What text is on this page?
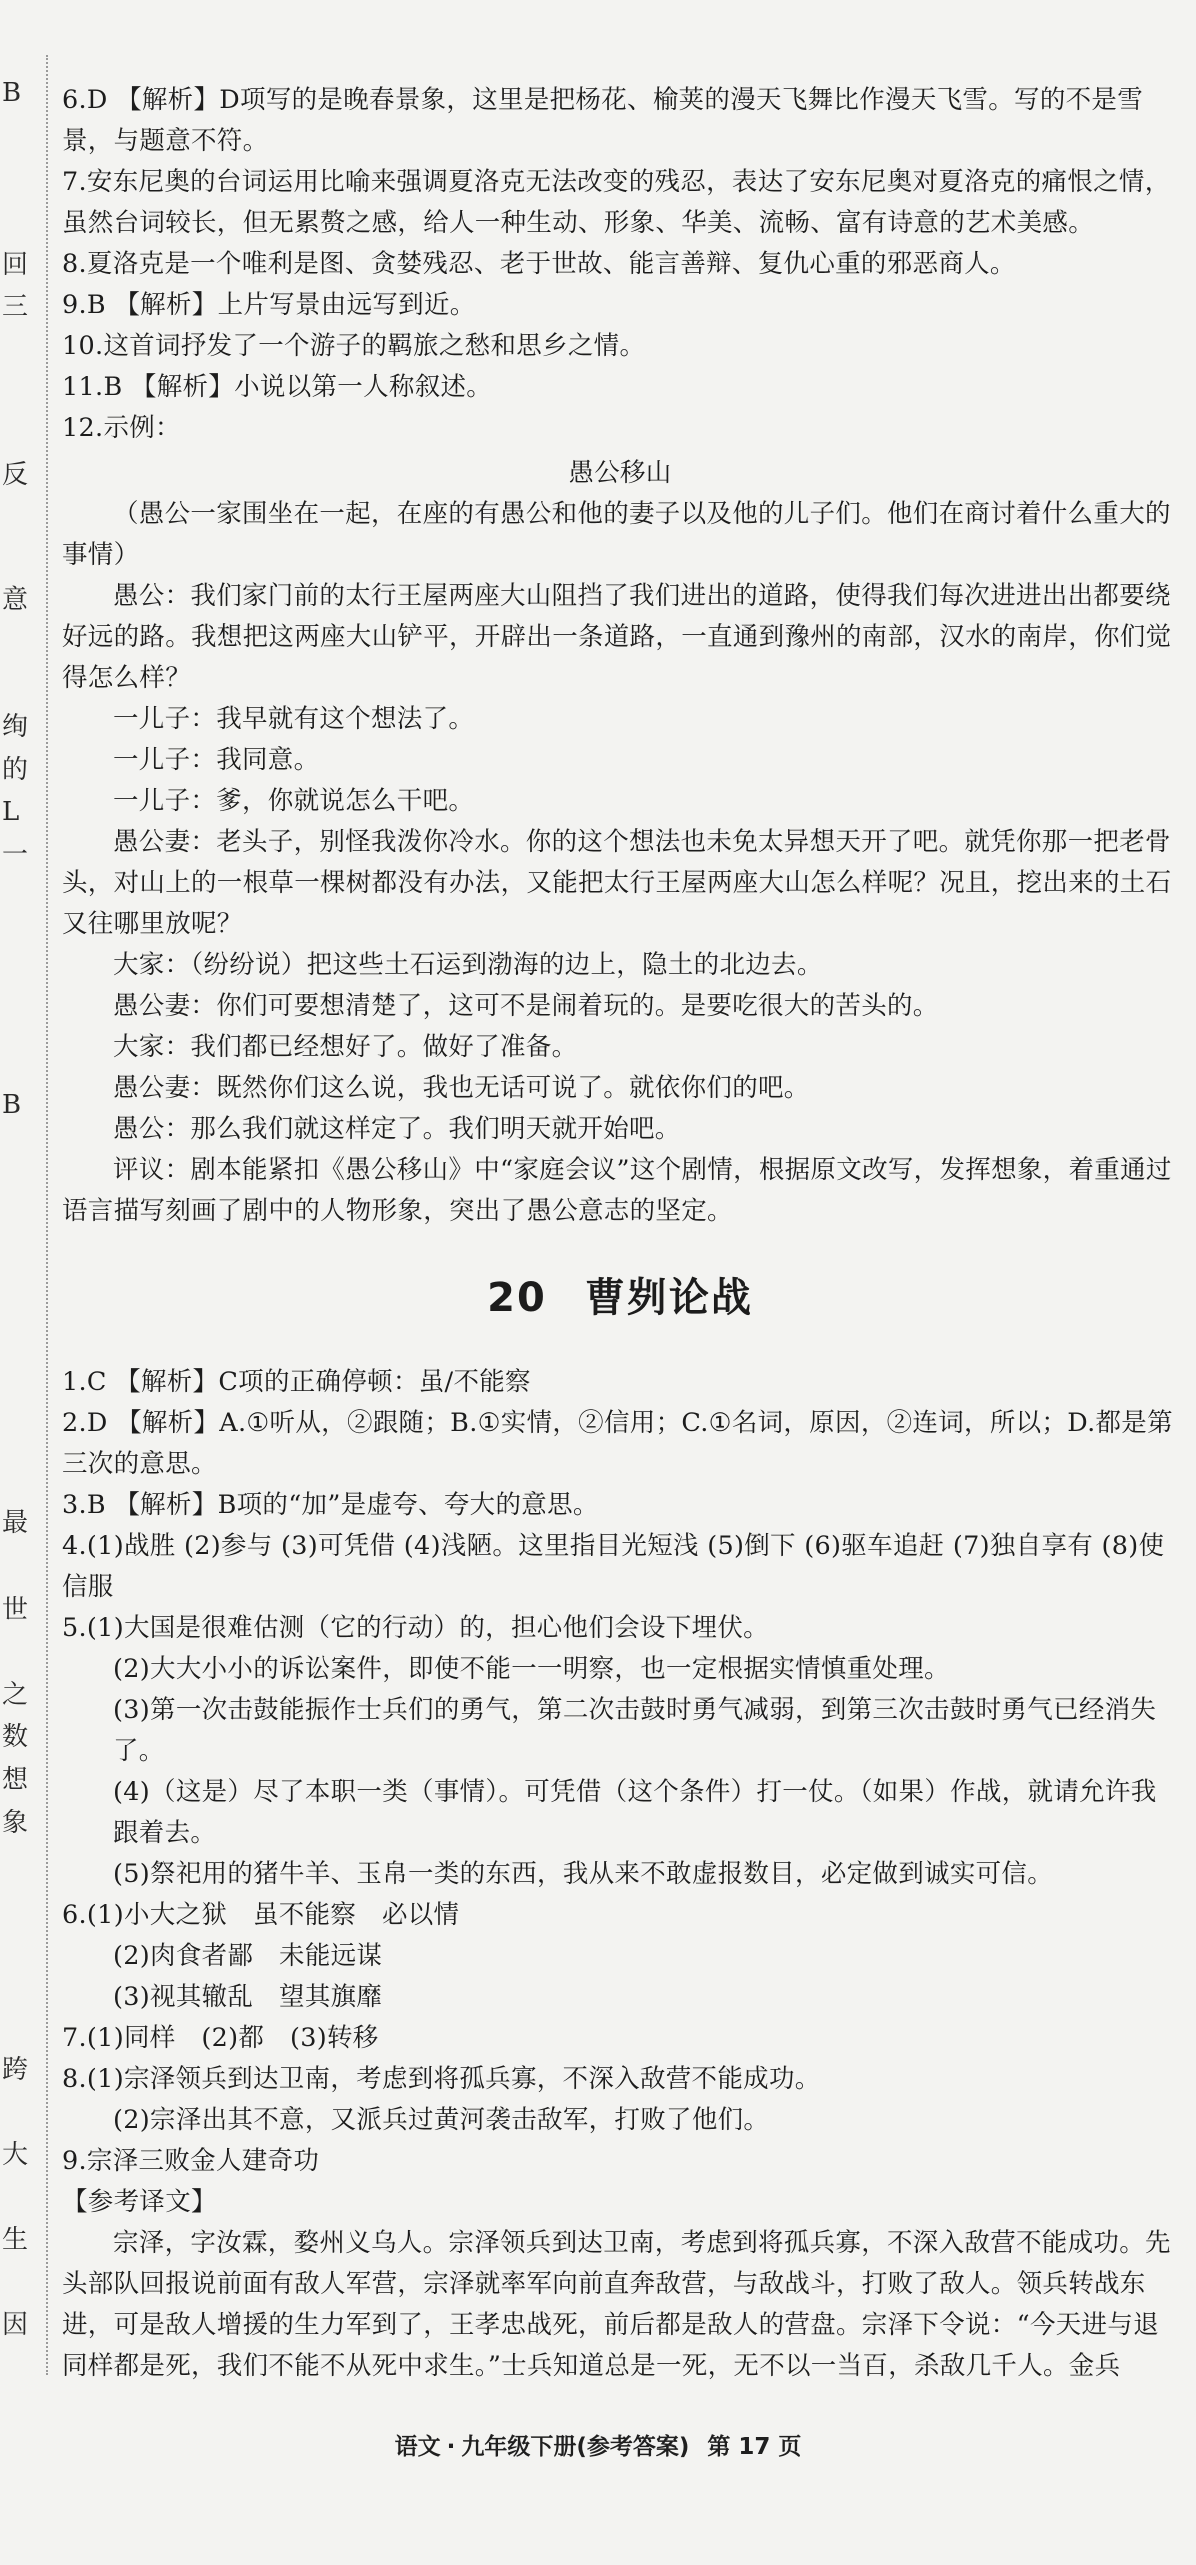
B
回
三
反
意
绚
的
L
一
B
最
世
之
数
想
象
跨
大
生
因

6.D 【解析】D项写的是晚春景象，这里是把杨花、榆荚的漫天飞舞比作漫天飞雪。写的不是雪景，与题意不符。

7.安东尼奥的台词运用比喻来强调夏洛克无法改变的残忍，表达了安东尼奥对夏洛克的痛恨之情，虽然台词较长，但无累赘之感，给人一种生动、形象、华美、流畅、富有诗意的艺术美感。

8.夏洛克是一个唯利是图、贪婪残忍、老于世故、能言善辩、复仇心重的邪恶商人。

9.B 【解析】上片写景由远写到近。

10.这首词抒发了一个游子的羁旅之愁和思乡之情。

11.B 【解析】小说以第一人称叙述。

12.示例：

愚公移山

（愚公一家围坐在一起，在座的有愚公和他的妻子以及他的儿子们。他们在商讨着什么重大的事情）

愚公：我们家门前的太行王屋两座大山阻挡了我们进出的道路，使得我们每次进进出出都要绕好远的路。我想把这两座大山铲平，开辟出一条道路，一直通到豫州的南部，汉水的南岸，你们觉得怎么样？

一儿子：我早就有这个想法了。

一儿子：我同意。

一儿子：爹，你就说怎么干吧。

愚公妻：老头子，别怪我泼你冷水。你的这个想法也未免太异想天开了吧。就凭你那一把老骨头，对山上的一根草一棵树都没有办法，又能把太行王屋两座大山怎么样呢？况且，挖出来的土石又往哪里放呢？

大家：（纷纷说）把这些土石运到渤海的边上，隐土的北边去。

愚公妻：你们可要想清楚了，这可不是闹着玩的。是要吃很大的苦头的。

大家：我们都已经想好了。做好了准备。

愚公妻：既然你们这么说，我也无话可说了。就依你们的吧。

愚公：那么我们就这样定了。我们明天就开始吧。

评议：剧本能紧扣《愚公移山》中“家庭会议”这个剧情，根据原文改写，发挥想象，着重通过语言描写刻画了剧中的人物形象，突出了愚公意志的坚定。

20 曹刿论战

1.C 【解析】C项的正确停顿：虽/不能察

2.D 【解析】A.①听从，②跟随；B.①实情，②信用；C.①名词，原因，②连词，所以；D.都是第三次的意思。

3.B 【解析】B项的“加”是虚夸、夸大的意思。

4.(1)战胜 (2)参与 (3)可凭借 (4)浅陋。这里指目光短浅 (5)倒下 (6)驱车追赶 (7)独自享有 (8)使信服

5.(1)大国是很难估测（它的行动）的，担心他们会设下埋伏。

(2)大大小小的诉讼案件，即使不能一一明察，也一定根据实情慎重处理。

(3)第一次击鼓能振作士兵们的勇气，第二次击鼓时勇气减弱，到第三次击鼓时勇气已经消失了。

(4)（这是）尽了本职一类（事情）。可凭借（这个条件）打一仗。（如果）作战，就请允许我跟着去。

(5)祭祀用的猪牛羊、玉帛一类的东西，我从来不敢虚报数目，必定做到诚实可信。

6.(1)小大之狱　虽不能察　必以情

(2)肉食者鄙　未能远谋

(3)视其辙乱　望其旗靡

7.(1)同样　(2)都　(3)转移

8.(1)宗泽领兵到达卫南，考虑到将孤兵寡，不深入敌营不能成功。

(2)宗泽出其不意，又派兵过黄河袭击敌军，打败了他们。

9.宗泽三败金人建奇功

【参考译文】

宗泽，字汝霖，婺州义乌人。宗泽领兵到达卫南，考虑到将孤兵寡，不深入敌营不能成功。先头部队回报说前面有敌人军营，宗泽就率军向前直奔敌营，与敌战斗，打败了敌人。领兵转战东进，可是敌人增援的生力军到了，王孝忠战死，前后都是敌人的营盘。宗泽下令说：“今天进与退同样都是死，我们不能不从死中求生。”士兵知道总是一死，无不以一当百，杀敌几千人。金兵

语文 · 九年级下册(参考答案) 第 17 页
